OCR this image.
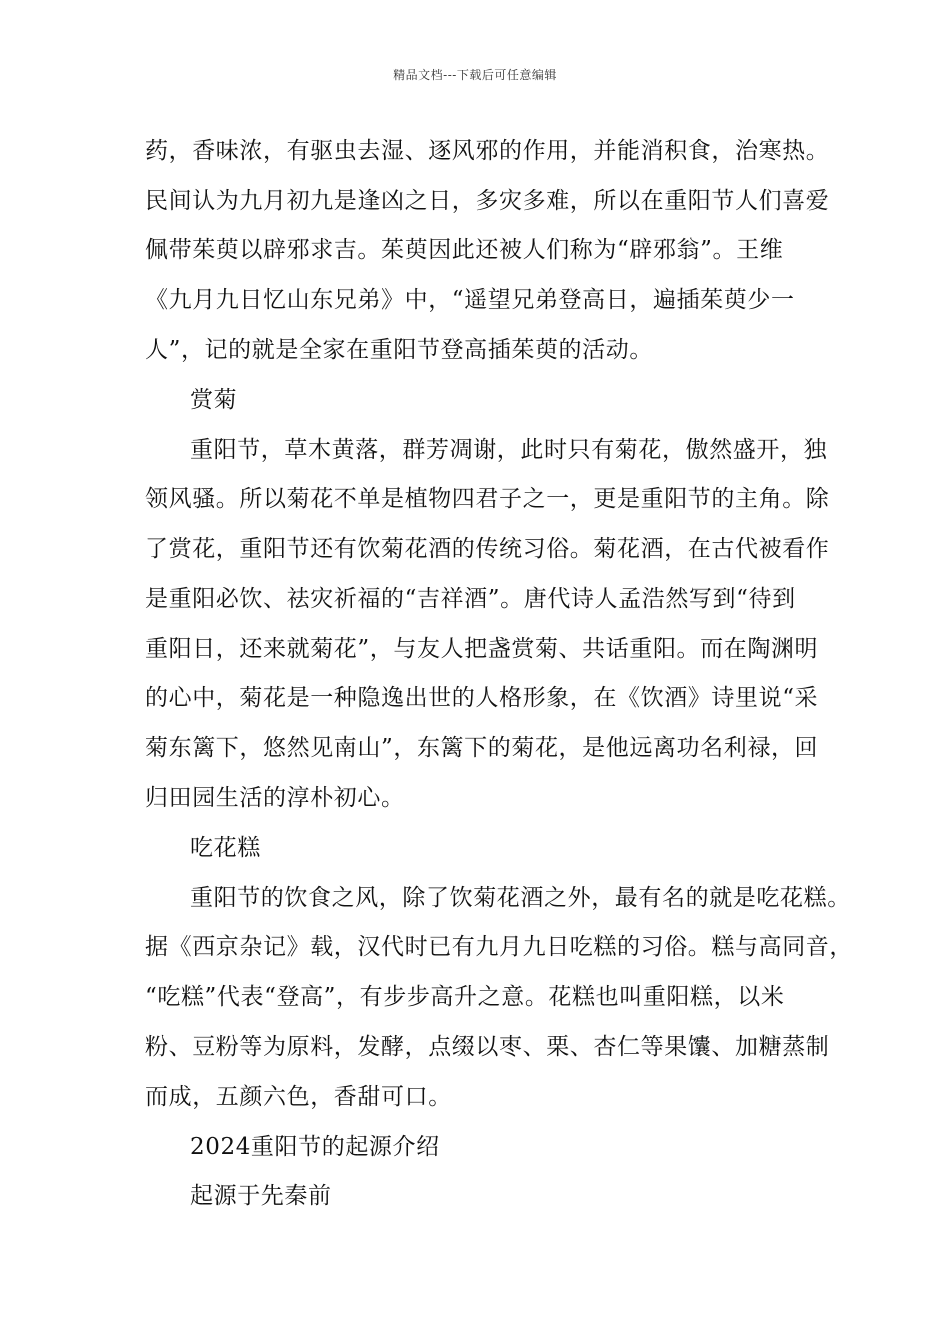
精品文档---下载后可任意编辑
药，香味浓，有驱虫去湿、逐风邪的作用，并能消积食，治寒热。
民间认为九月初九是逢凶之日，多灾多难，所以在重阳节人们喜爱
佩带茱萸以辟邪求吉。茱萸因此还被人们称为“辟邪翁”。王维
《九月九日忆山东兄弟》中，“遥望兄弟登高日，遍插茱萸少一
人”，记的就是全家在重阳节登高插茱萸的活动。
赏菊
重阳节，草木黄落，群芳凋谢，此时只有菊花，傲然盛开，独
领风骚。所以菊花不单是植物四君子之一，更是重阳节的主角。除
了赏花，重阳节还有饮菊花酒的传统习俗。菊花酒，在古代被看作
是重阳必饮、祛灾祈福的“吉祥酒”。唐代诗人孟浩然写到“待到
重阳日，还来就菊花”，与友人把盏赏菊、共话重阳。而在陶渊明
的心中，菊花是一种隐逸出世的人格形象，在《饮酒》诗里说“采
菊东篱下，悠然见南山”，东篱下的菊花，是他远离功名利禄，回
归田园生活的淳朴初心。
吃花糕
重阳节的饮食之风，除了饮菊花酒之外，最有名的就是吃花糕。
据《西京杂记》载，汉代时已有九月九日吃糕的习俗。糕与高同音，
“吃糕”代表“登高”，有步步高升之意。花糕也叫重阳糕，以米
粉、豆粉等为原料，发酵，点缀以枣、栗、杏仁等果馕、加糖蒸制
而成，五颜六色，香甜可口。
2024重阳节的起源介绍
起源于先秦前
